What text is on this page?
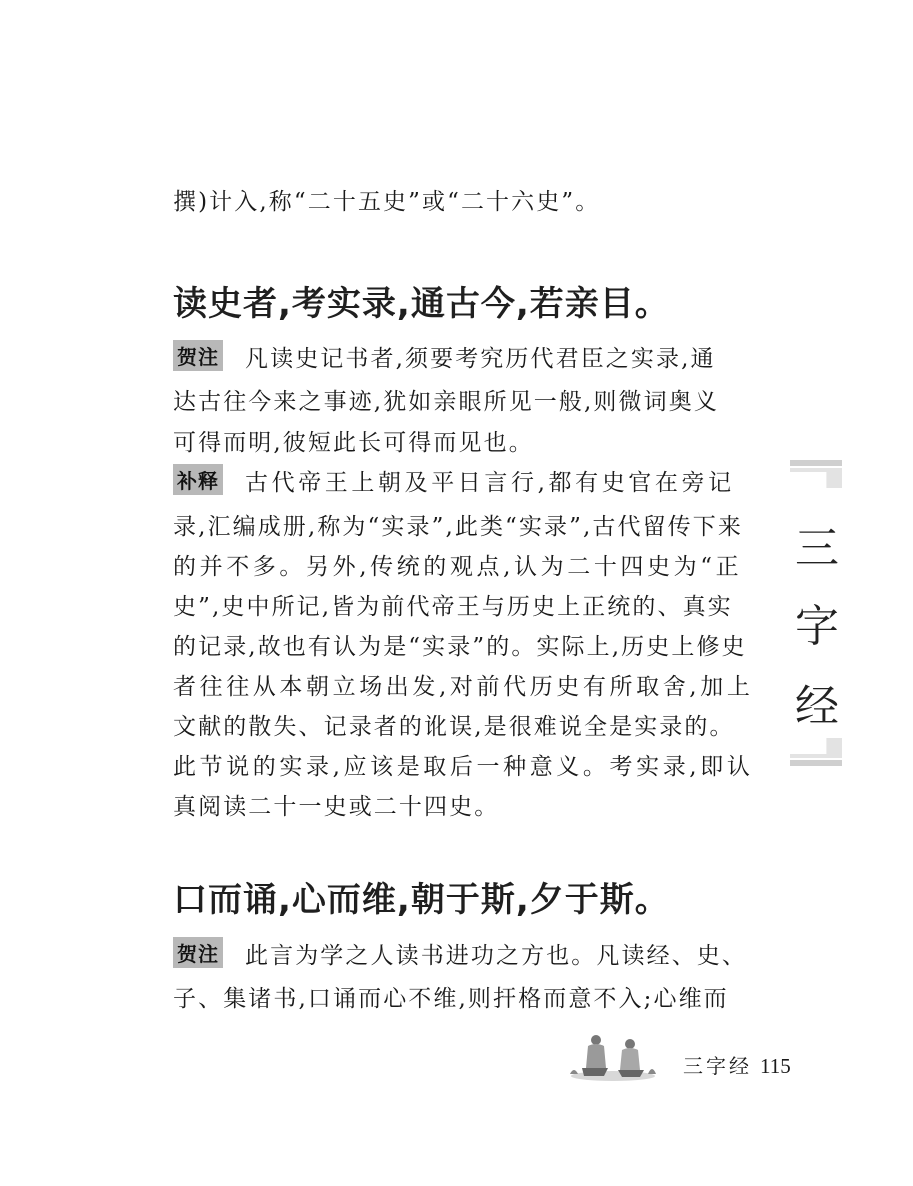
撰)计入,称“二十五史”或“二十六史”。
读史者,考实录,通古今,若亲目。
贺注 凡读史记书者,须要考究历代君臣之实录,通
达古往今来之事迹,犹如亲眼所见一般,则微词奥义
可得而明,彼短此长可得而见也。
补释 古代帝王上朝及平日言行,都有史官在旁记
录,汇编成册,称为“实录”,此类“实录”,古代留传下来
的并不多。另外,传统的观点,认为二十四史为“正
史”,史中所记,皆为前代帝王与历史上正统的、真实
的记录,故也有认为是“实录”的。实际上,历史上修史
者往往从本朝立场出发,对前代历史有所取舍,加上
文献的散失、记录者的讹误,是很难说全是实录的。
此节说的实录,应该是取后一种意义。考实录,即认
真阅读二十一史或二十四史。
口而诵,心而维,朝于斯,夕于斯。
贺注 此言为学之人读书进功之方也。凡读经、史、
子、集诸书,口诵而心不维,则扞格而意不入;心维而
三
字
经
三字经 115
